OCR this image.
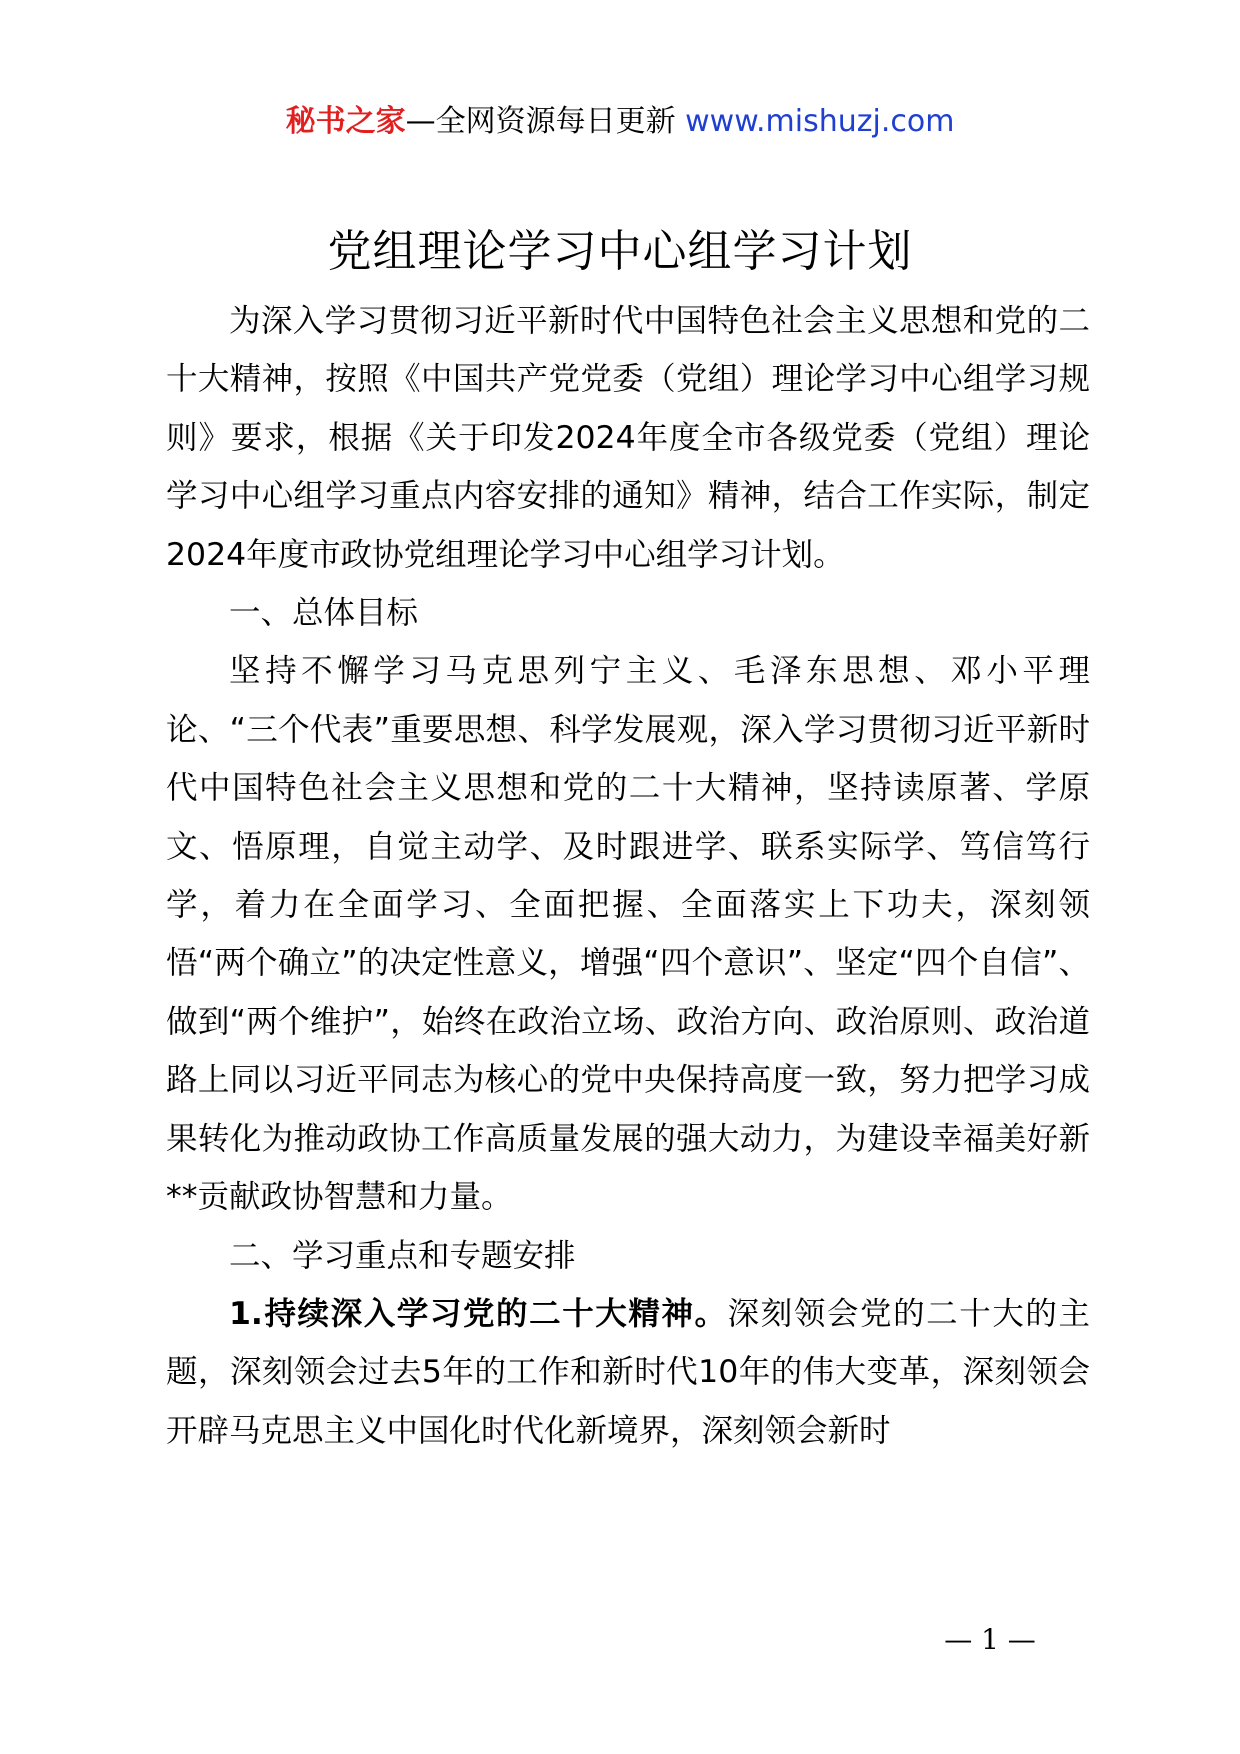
秘书之家—全网资源每日更新 www.mishuzj.com
党组理论学习中心组学习计划

为深入学习贯彻习近平新时代中国特色社会主义思想和党的二十大精神，按照《中国共产党党委（党组）理论学习中心组学习规则》要求，根据《关于印发2024年度全市各级党委（党组）理论学习中心组学习重点内容安排的通知》精神，结合工作实际，制定2024年度市政协党组理论学习中心组学习计划。

一、总体目标

坚持不懈学习马克思列宁主义、毛泽东思想、邓小平理论、“三个代表”重要思想、科学发展观，深入学习贯彻习近平新时代中国特色社会主义思想和党的二十大精神，坚持读原著、学原文、悟原理，自觉主动学、及时跟进学、联系实际学、笃信笃行学，着力在全面学习、全面把握、全面落实上下功夫，深刻领悟“两个确立”的决定性意义，增强“四个意识”、坚定“四个自信”、做到“两个维护”，始终在政治立场、政治方向、政治原则、政治道路上同以习近平同志为核心的党中央保持高度一致，努力把学习成果转化为推动政协工作高质量发展的强大动力，为建设幸福美好新**贡献政协智慧和力量。

二、学习重点和专题安排

1.持续深入学习党的二十大精神。深刻领会党的二十大的主题，深刻领会过去5年的工作和新时代10年的伟大变革，深刻领会开辟马克思主义中国化时代化新境界，深刻领会新时

— 1 —
